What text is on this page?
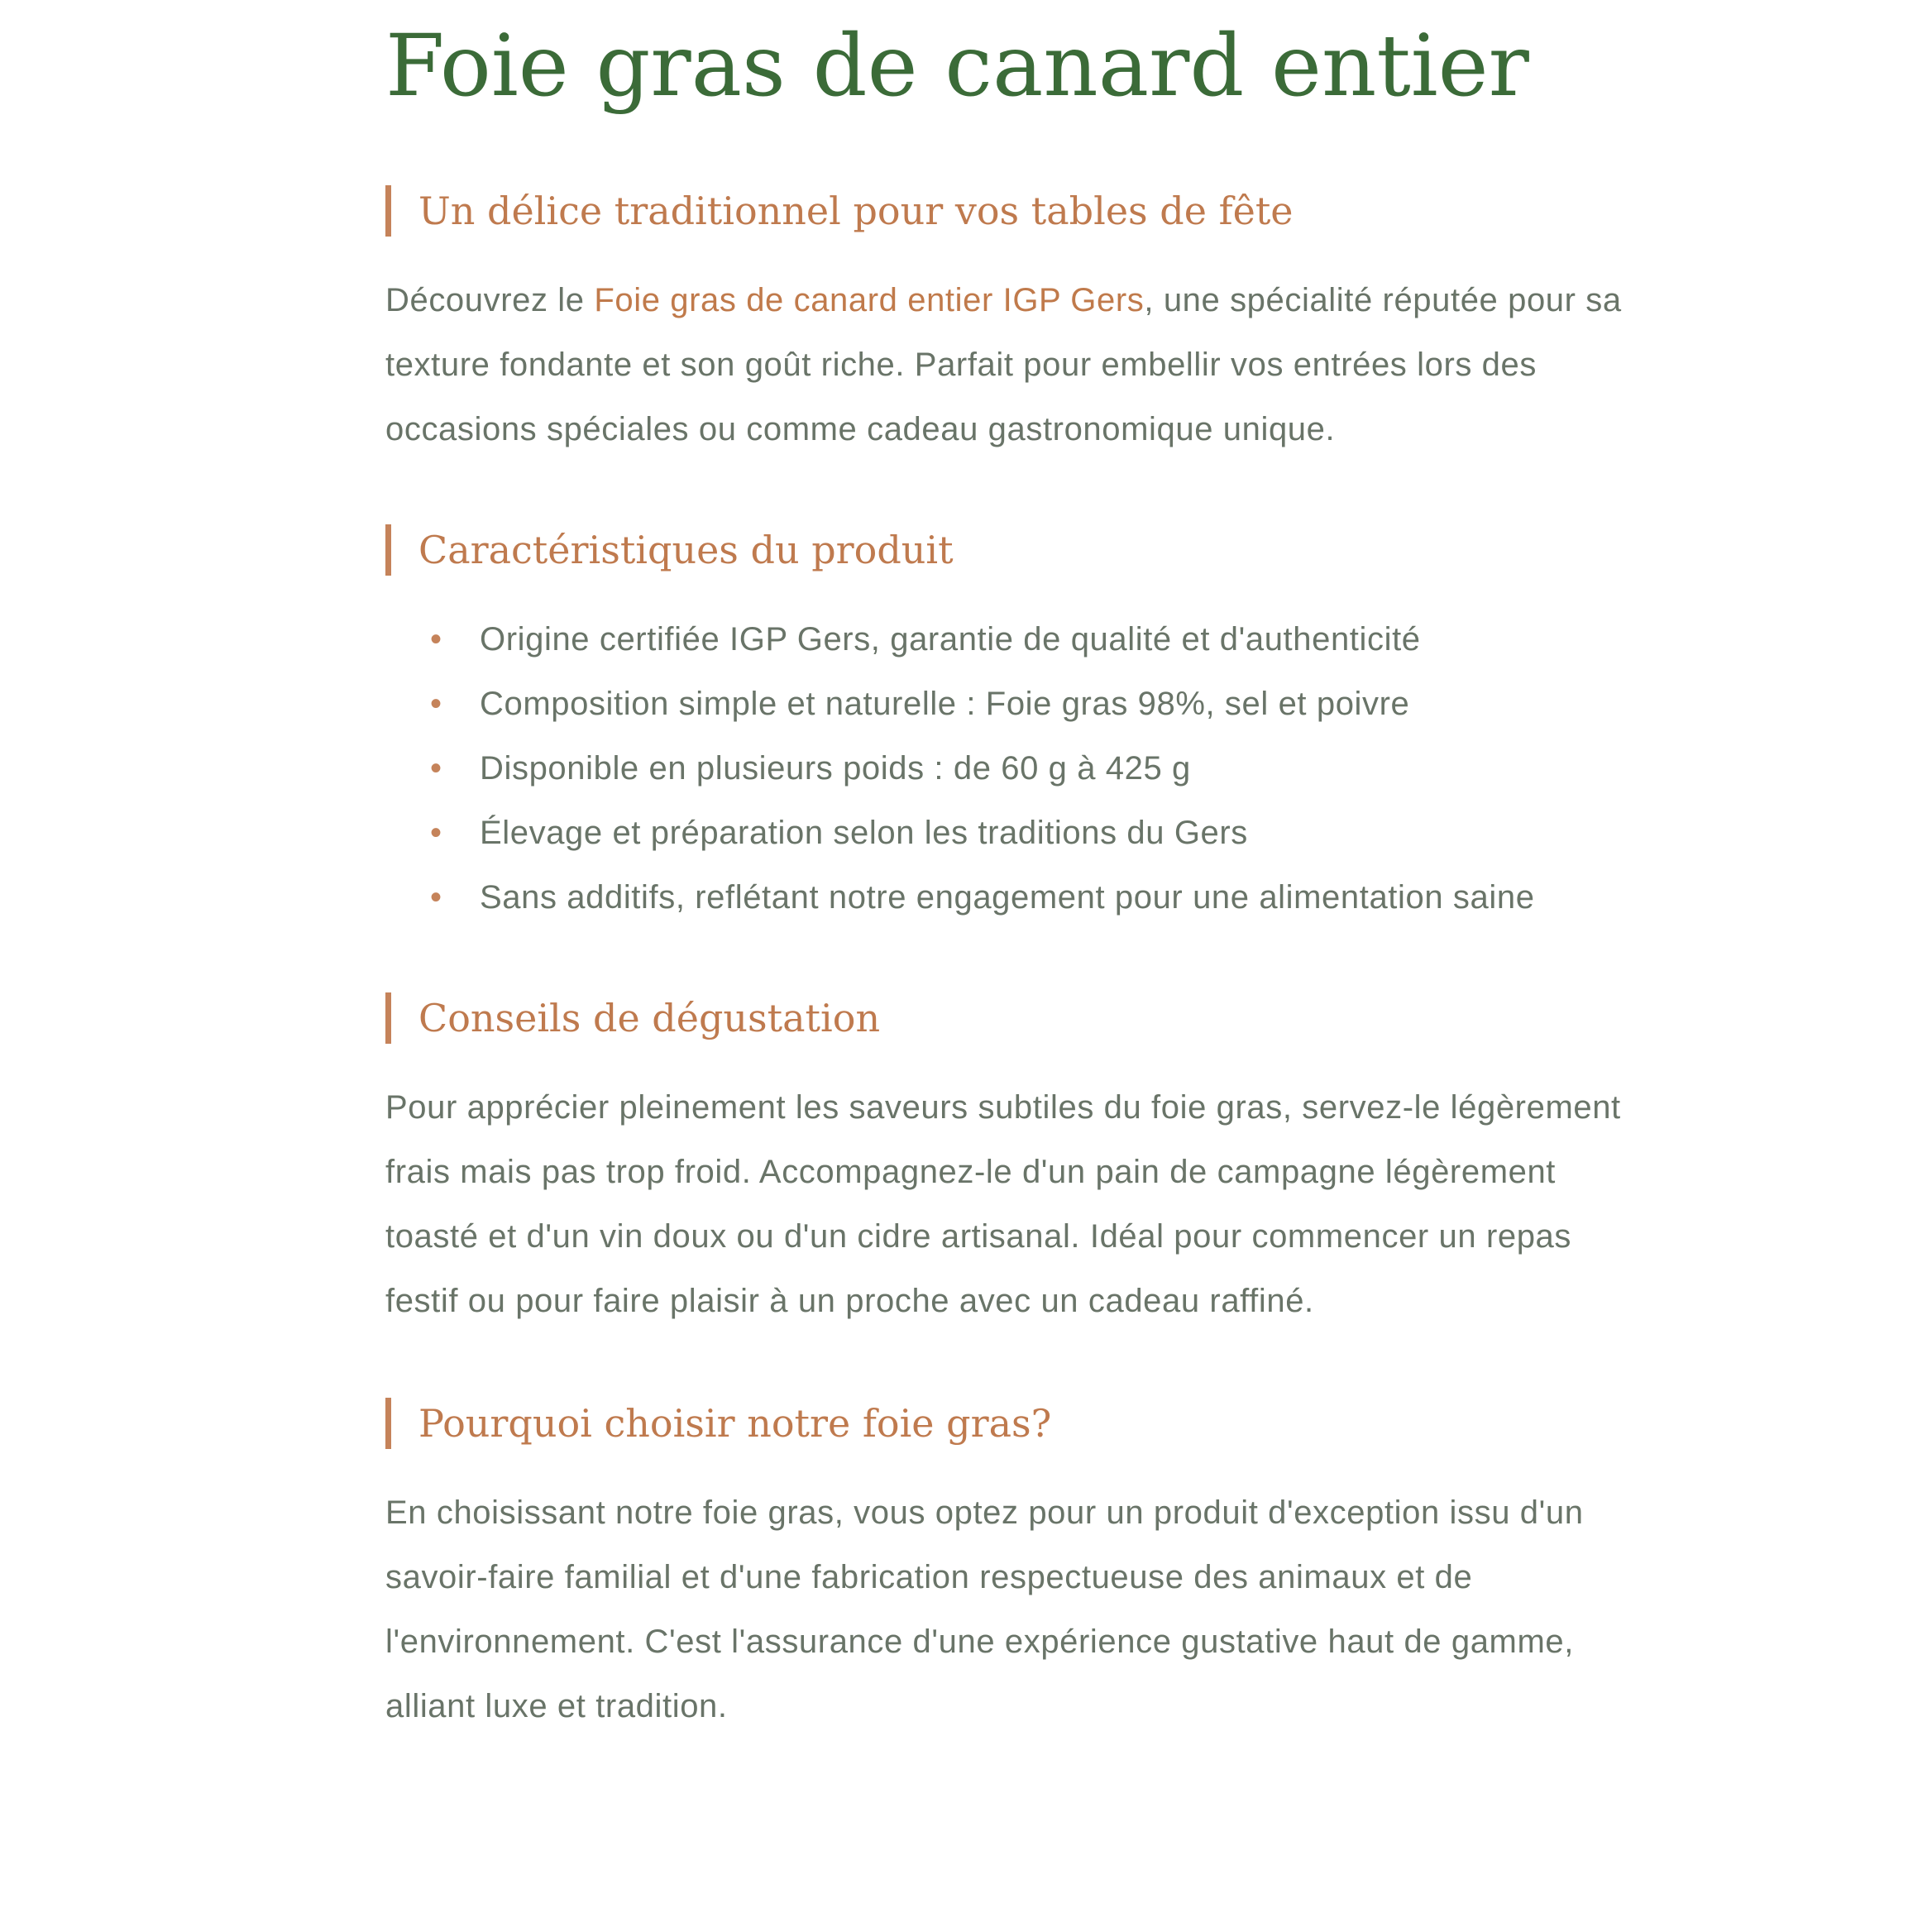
Foie gras de canard entier
Un délice traditionnel pour vos tables de fête

Découvrez le Foie gras de canard entier IGP Gers, une spécialité réputée pour sa texture fondante et son goût riche. Parfait pour embellir vos entrées lors des occasions spéciales ou comme cadeau gastronomique unique.

Caractéristiques du produit
• Origine certifiée IGP Gers, garantie de qualité et d'authenticité
• Composition simple et naturelle : Foie gras 98%, sel et poivre
• Disponible en plusieurs poids : de 60 g à 425 g
• Élevage et préparation selon les traditions du Gers
• Sans additifs, reflétant notre engagement pour une alimentation saine
Conseils de dégustation

Pour apprécier pleinement les saveurs subtiles du foie gras, servez-le légèrement frais mais pas trop froid. Accompagnez-le d'un pain de campagne légèrement toasté et d'un vin doux ou d'un cidre artisanal. Idéal pour commencer un repas festif ou pour faire plaisir à un proche avec un cadeau raffiné.

Pourquoi choisir notre foie gras?

En choisissant notre foie gras, vous optez pour un produit d'exception issu d'un savoir-faire familial et d'une fabrication respectueuse des animaux et de l'environnement. C'est l'assurance d'une expérience gustative haut de gamme, alliant luxe et tradition.
